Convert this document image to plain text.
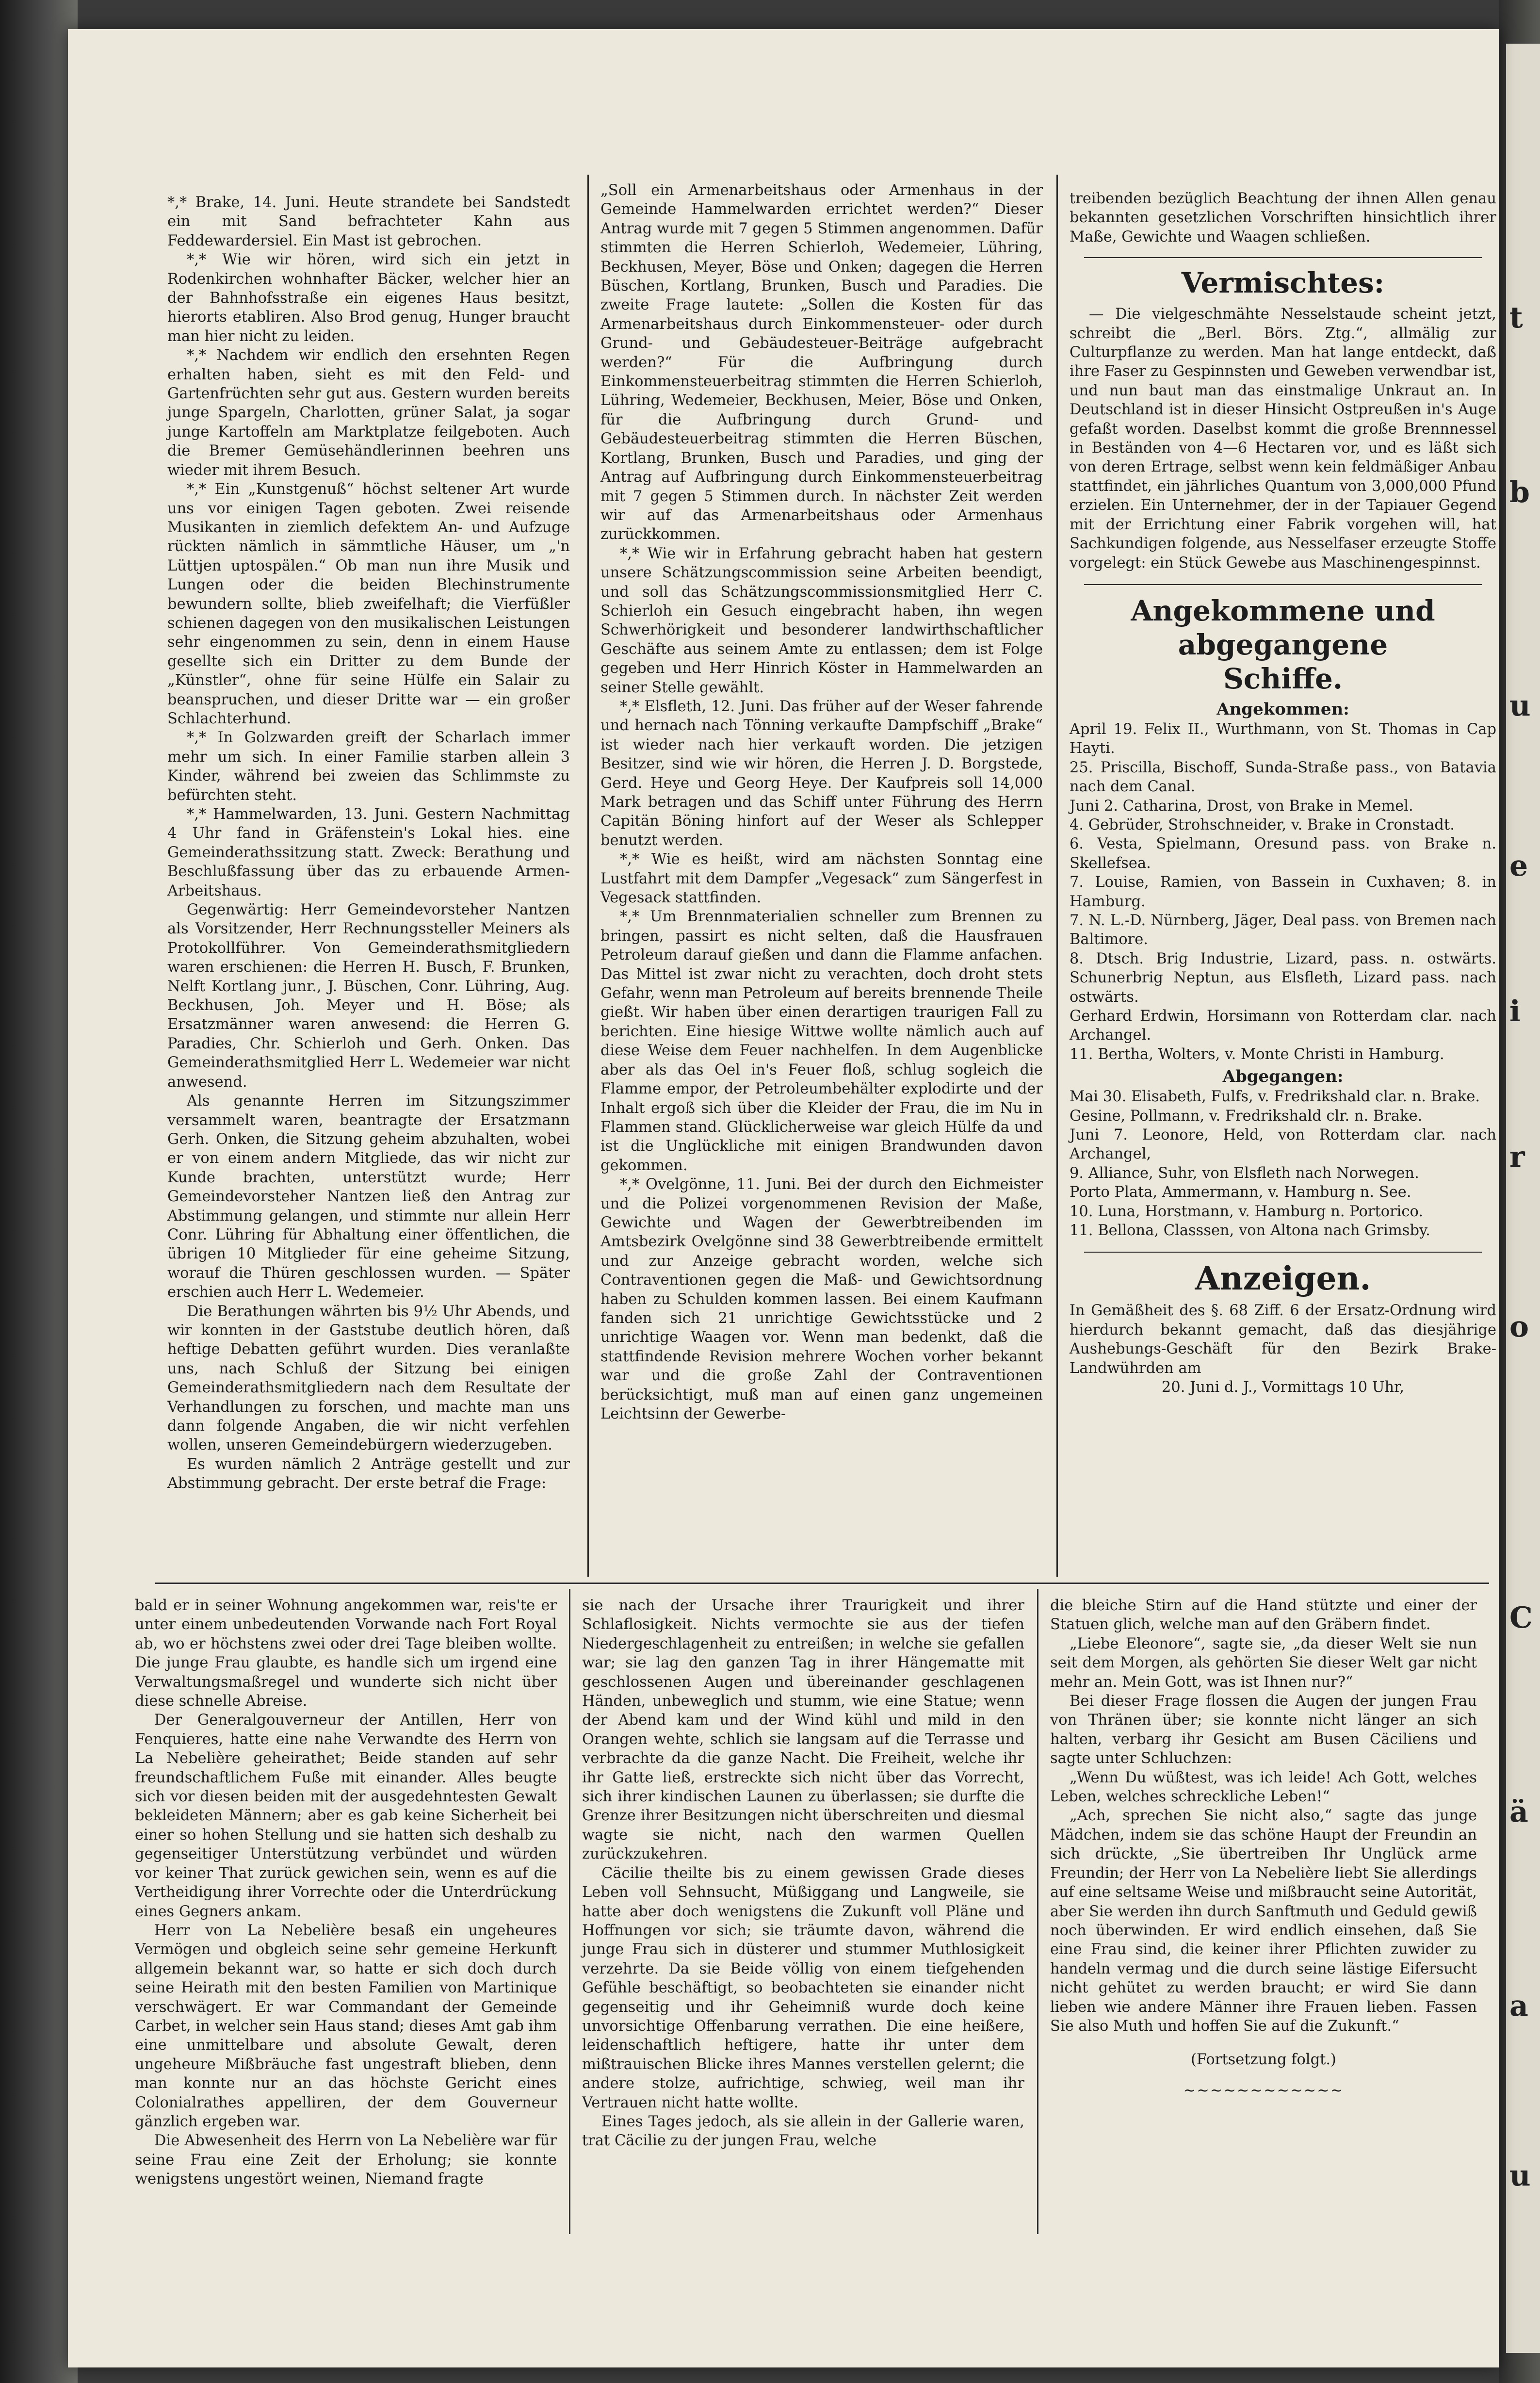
*,* Brake, 14. Juni. Heute strandete bei Sandstedt ein mit Sand befrachteter Kahn aus Feddewardersiel. Ein Mast ist gebrochen.

*,* Wie wir hören, wird sich ein jetzt in Rodenkirchen wohnhafter Bäcker, welcher hier an der Bahnhofsstraße ein eigenes Haus besitzt, hierorts etabliren. Also Brod genug, Hunger braucht man hier nicht zu leiden.

*,* Nachdem wir endlich den ersehnten Regen erhalten haben, sieht es mit den Feld- und Gartenfrüchten sehr gut aus. Gestern wurden bereits junge Spargeln, Charlotten, grüner Salat, ja sogar junge Kartoffeln am Marktplatze feilgeboten. Auch die Bremer Gemüsehändlerinnen beehren uns wieder mit ihrem Besuch.

*,* Ein „Kunstgenuß“ höchst seltener Art wurde uns vor einigen Tagen geboten. Zwei reisende Musikanten in ziemlich defektem An- und Aufzuge rückten nämlich in sämmtliche Häuser, um „'n Lüttjen uptospälen.“ Ob man nun ihre Musik und Lungen oder die beiden Blechinstrumente bewundern sollte, blieb zweifelhaft; die Vierfüßler schienen dagegen von den musikalischen Leistungen sehr eingenommen zu sein, denn in einem Hause gesellte sich ein Dritter zu dem Bunde der „Künstler“, ohne für seine Hülfe ein Salair zu beanspruchen, und dieser Dritte war — ein großer Schlachterhund.

*,* In Golzwarden greift der Scharlach immer mehr um sich. In einer Familie starben allein 3 Kinder, während bei zweien das Schlimmste zu befürchten steht.

*,* Hammelwarden, 13. Juni. Gestern Nachmittag 4 Uhr fand in Gräfenstein's Lokal hies. eine Gemeinderathssitzung statt. Zweck: Berathung und Beschlußfassung über das zu erbauende Armen-Arbeitshaus.

Gegenwärtig: Herr Gemeindevorsteher Nantzen als Vorsitzender, Herr Rechnungssteller Meiners als Protokollführer. Von Gemeinderathsmitgliedern waren erschienen: die Herren H. Busch, F. Brunken, Nelft Kortlang junr., J. Büschen, Conr. Lühring, Aug. Beckhusen, Joh. Meyer und H. Böse; als Ersatzmänner waren anwesend: die Herren G. Paradies, Chr. Schierloh und Gerh. Onken. Das Gemeinderathsmitglied Herr L. Wedemeier war nicht anwesend.

Als genannte Herren im Sitzungszimmer versammelt waren, beantragte der Ersatzmann Gerh. Onken, die Sitzung geheim abzuhalten, wobei er von einem andern Mitgliede, das wir nicht zur Kunde brachten, unterstützt wurde; Herr Gemeindevorsteher Nantzen ließ den Antrag zur Abstimmung gelangen, und stimmte nur allein Herr Conr. Lühring für Abhaltung einer öffentlichen, die übrigen 10 Mitglieder für eine geheime Sitzung, worauf die Thüren geschlossen wurden. — Später erschien auch Herr L. Wedemeier.

Die Berathungen währten bis 9½ Uhr Abends, und wir konnten in der Gaststube deutlich hören, daß heftige Debatten geführt wurden. Dies veranlaßte uns, nach Schluß der Sitzung bei einigen Gemeinderathsmitgliedern nach dem Resultate der Verhandlungen zu forschen, und machte man uns dann folgende Angaben, die wir nicht verfehlen wollen, unseren Gemeindebürgern wiederzugeben.

Es wurden nämlich 2 Anträge gestellt und zur Abstimmung gebracht. Der erste betraf die Frage:

„Soll ein Armenarbeitshaus oder Armenhaus in der Gemeinde Hammelwarden errichtet werden?“ Dieser Antrag wurde mit 7 gegen 5 Stimmen angenommen. Dafür stimmten die Herren Schierloh, Wedemeier, Lühring, Beckhusen, Meyer, Böse und Onken; dagegen die Herren Büschen, Kortlang, Brunken, Busch und Paradies. Die zweite Frage lautete: „Sollen die Kosten für das Armenarbeitshaus durch Einkommensteuer- oder durch Grund- und Gebäudesteuer-Beiträge aufgebracht werden?“ Für die Aufbringung durch Einkommensteuerbeitrag stimmten die Herren Schierloh, Lühring, Wedemeier, Beckhusen, Meier, Böse und Onken, für die Aufbringung durch Grund- und Gebäudesteuerbeitrag stimmten die Herren Büschen, Kortlang, Brunken, Busch und Paradies, und ging der Antrag auf Aufbringung durch Einkommensteuerbeitrag mit 7 gegen 5 Stimmen durch. In nächster Zeit werden wir auf das Armenarbeitshaus oder Armenhaus zurückkommen.

*,* Wie wir in Erfahrung gebracht haben hat gestern unsere Schätzungscommission seine Arbeiten beendigt, und soll das Schätzungscommissionsmitglied Herr C. Schierloh ein Gesuch eingebracht haben, ihn wegen Schwerhörigkeit und besonderer landwirthschaftlicher Geschäfte aus seinem Amte zu entlassen; dem ist Folge gegeben und Herr Hinrich Köster in Hammelwarden an seiner Stelle gewählt.

*,* Elsfleth, 12. Juni. Das früher auf der Weser fahrende und hernach nach Tönning verkaufte Dampfschiff „Brake“ ist wieder nach hier verkauft worden. Die jetzigen Besitzer, sind wie wir hören, die Herren J. D. Borgstede, Gerd. Heye und Georg Heye. Der Kaufpreis soll 14,000 Mark betragen und das Schiff unter Führung des Herrn Capitän Böning hinfort auf der Weser als Schlepper benutzt werden.

*,* Wie es heißt, wird am nächsten Sonntag eine Lustfahrt mit dem Dampfer „Vegesack“ zum Sängerfest in Vegesack stattfinden.

*,* Um Brennmaterialien schneller zum Brennen zu bringen, passirt es nicht selten, daß die Hausfrauen Petroleum darauf gießen und dann die Flamme anfachen. Das Mittel ist zwar nicht zu verachten, doch droht stets Gefahr, wenn man Petroleum auf bereits brennende Theile gießt. Wir haben über einen derartigen traurigen Fall zu berichten. Eine hiesige Wittwe wollte nämlich auch auf diese Weise dem Feuer nachhelfen. In dem Augenblicke aber als das Oel in's Feuer floß, schlug sogleich die Flamme empor, der Petroleumbehälter explodirte und der Inhalt ergoß sich über die Kleider der Frau, die im Nu in Flammen stand. Glücklicherweise war gleich Hülfe da und ist die Unglückliche mit einigen Brandwunden davon gekommen.

*,* Ovelgönne, 11. Juni. Bei der durch den Eichmeister und die Polizei vorgenommenen Revision der Maße, Gewichte und Wagen der Gewerbtreibenden im Amtsbezirk Ovelgönne sind 38 Gewerbtreibende ermittelt und zur Anzeige gebracht worden, welche sich Contraventionen gegen die Maß- und Gewichtsordnung haben zu Schulden kommen lassen. Bei einem Kaufmann fanden sich 21 unrichtige Gewichtsstücke und 2 unrichtige Waagen vor. Wenn man bedenkt, daß die stattfindende Revision mehrere Wochen vorher bekannt war und die große Zahl der Contraventionen berücksichtigt, muß man auf einen ganz ungemeinen Leichtsinn der Gewerbe-

treibenden bezüglich Beachtung der ihnen Allen genau bekannten gesetzlichen Vorschriften hinsichtlich ihrer Maße, Gewichte und Waagen schließen.

Vermischtes:

— Die vielgeschmähte Nesselstaude scheint jetzt, schreibt die „Berl. Börs. Ztg.“, allmälig zur Culturpflanze zu werden. Man hat lange entdeckt, daß ihre Faser zu Gespinnsten und Geweben verwendbar ist, und nun baut man das einstmalige Unkraut an. In Deutschland ist in dieser Hinsicht Ostpreußen in's Auge gefaßt worden. Daselbst kommt die große Brennnessel in Beständen von 4—6 Hectaren vor, und es läßt sich von deren Ertrage, selbst wenn kein feldmäßiger Anbau stattfindet, ein jährliches Quantum von 3,000,000 Pfund erzielen. Ein Unternehmer, der in der Tapiauer Gegend mit der Errichtung einer Fabrik vorgehen will, hat Sachkundigen folgende, aus Nesselfaser erzeugte Stoffe vorgelegt: ein Stück Gewebe aus Maschinengespinnst.

Angekommene und abgegangene
Schiffe.
Angekommen:

April 19. Felix II., Wurthmann, von St. Thomas in Cap Hayti.

25. Priscilla, Bischoff, Sunda-Straße pass., von Batavia nach dem Canal.

Juni 2. Catharina, Drost, von Brake in Memel.

4. Gebrüder, Strohschneider, v. Brake in Cronstadt.

6. Vesta, Spielmann, Oresund pass. von Brake n. Skellefsea.

7. Louise, Ramien, von Bassein in Cuxhaven; 8. in Hamburg.

7. N. L.-D. Nürnberg, Jäger, Deal pass. von Bremen nach Baltimore.

8. Dtsch. Brig Industrie, Lizard, pass. n. ostwärts. Schunerbrig Neptun, aus Elsfleth, Lizard pass. nach ostwärts.

Gerhard Erdwin, Horsimann von Rotterdam clar. nach Archangel.

11. Bertha, Wolters, v. Monte Christi in Hamburg.

Abgegangen:

Mai 30. Elisabeth, Fulfs, v. Fredrikshald clar. n. Brake.

Gesine, Pollmann, v. Fredrikshald clr. n. Brake.

Juni 7. Leonore, Held, von Rotterdam clar. nach Archangel,

9. Alliance, Suhr, von Elsfleth nach Norwegen.

Porto Plata, Ammermann, v. Hamburg n. See.

10. Luna, Horstmann, v. Hamburg n. Portorico.

11. Bellona, Classsen, von Altona nach Grimsby.

Anzeigen.

In Gemäßheit des §. 68 Ziff. 6 der Ersatz-Ordnung wird hierdurch bekannt gemacht, daß das diesjährige Aushebungs-Geschäft für den Bezirk Brake-Landwührden am

20. Juni d. J., Vormittags 10 Uhr,

bald er in seiner Wohnung angekommen war, reis'te er unter einem unbedeutenden Vorwande nach Fort Royal ab, wo er höchstens zwei oder drei Tage bleiben wollte. Die junge Frau glaubte, es handle sich um irgend eine Verwaltungsmaßregel und wunderte sich nicht über diese schnelle Abreise.

Der Generalgouverneur der Antillen, Herr von Fenquieres, hatte eine nahe Verwandte des Herrn von La Nebelière geheirathet; Beide standen auf sehr freundschaftlichem Fuße mit einander. Alles beugte sich vor diesen beiden mit der ausgedehntesten Gewalt bekleideten Männern; aber es gab keine Sicherheit bei einer so hohen Stellung und sie hatten sich deshalb zu gegenseitiger Unterstützung verbündet und würden vor keiner That zurück gewichen sein, wenn es auf die Vertheidigung ihrer Vorrechte oder die Unterdrückung eines Gegners ankam.

Herr von La Nebelière besaß ein ungeheures Vermögen und obgleich seine sehr gemeine Herkunft allgemein bekannt war, so hatte er sich doch durch seine Heirath mit den besten Familien von Martinique verschwägert. Er war Commandant der Gemeinde Carbet, in welcher sein Haus stand; dieses Amt gab ihm eine unmittelbare und absolute Gewalt, deren ungeheure Mißbräuche fast ungestraft blieben, denn man konnte nur an das höchste Gericht eines Colonialrathes appelliren, der dem Gouverneur gänzlich ergeben war.

Die Abwesenheit des Herrn von La Nebelière war für seine Frau eine Zeit der Erholung; sie konnte wenigstens ungestört weinen, Niemand fragte

sie nach der Ursache ihrer Traurigkeit und ihrer Schlaflosigkeit. Nichts vermochte sie aus der tiefen Niedergeschlagenheit zu entreißen; in welche sie gefallen war; sie lag den ganzen Tag in ihrer Hängematte mit geschlossenen Augen und übereinander geschlagenen Händen, unbeweglich und stumm, wie eine Statue; wenn der Abend kam und der Wind kühl und mild in den Orangen wehte, schlich sie langsam auf die Terrasse und verbrachte da die ganze Nacht. Die Freiheit, welche ihr ihr Gatte ließ, erstreckte sich nicht über das Vorrecht, sich ihrer kindischen Launen zu überlassen; sie durfte die Grenze ihrer Besitzungen nicht überschreiten und diesmal wagte sie nicht, nach den warmen Quellen zurückzukehren.

Cäcilie theilte bis zu einem gewissen Grade dieses Leben voll Sehnsucht, Müßiggang und Langweile, sie hatte aber doch wenigstens die Zukunft voll Pläne und Hoffnungen vor sich; sie träumte davon, während die junge Frau sich in düsterer und stummer Muthlosigkeit verzehrte. Da sie Beide völlig von einem tiefgehenden Gefühle beschäftigt, so beobachteten sie einander nicht gegenseitig und ihr Geheimniß wurde doch keine unvorsichtige Offenbarung verrathen. Die eine heißere, leidenschaftlich heftigere, hatte ihr unter dem mißtrauischen Blicke ihres Mannes verstellen gelernt; die andere stolze, aufrichtige, schwieg, weil man ihr Vertrauen nicht hatte wollte.

Eines Tages jedoch, als sie allein in der Gallerie waren, trat Cäcilie zu der jungen Frau, welche

die bleiche Stirn auf die Hand stützte und einer der Statuen glich, welche man auf den Gräbern findet.

„Liebe Eleonore“, sagte sie, „da dieser Welt sie nun seit dem Morgen, als gehörten Sie dieser Welt gar nicht mehr an. Mein Gott, was ist Ihnen nur?“

Bei dieser Frage flossen die Augen der jungen Frau von Thränen über; sie konnte nicht länger an sich halten, verbarg ihr Gesicht am Busen Cäciliens und sagte unter Schluchzen:

„Wenn Du wüßtest, was ich leide! Ach Gott, welches Leben, welches schreckliche Leben!“

„Ach, sprechen Sie nicht also,“ sagte das junge Mädchen, indem sie das schöne Haupt der Freundin an sich drückte, „Sie übertreiben Ihr Unglück arme Freundin; der Herr von La Nebelière liebt Sie allerdings auf eine seltsame Weise und mißbraucht seine Autorität, aber Sie werden ihn durch Sanftmuth und Geduld gewiß noch überwinden. Er wird endlich einsehen, daß Sie eine Frau sind, die keiner ihrer Pflichten zuwider zu handeln vermag und die durch seine lästige Eifersucht nicht gehütet zu werden braucht; er wird Sie dann lieben wie andere Männer ihre Frauen lieben. Fassen Sie also Muth und hoffen Sie auf die Zukunft.“

(Fortsetzung folgt.)

~~~~~~~~~~~~

t
b
u
e
i
r
o
C
ä
a
u
